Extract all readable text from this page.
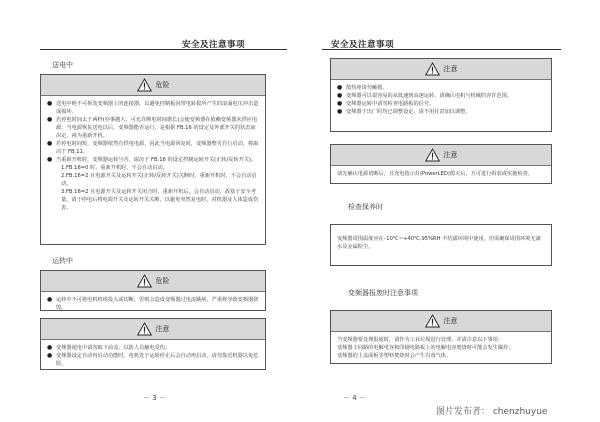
安全及注意事项
送电中
危险
● 送电中绝不可拆装变频器上的连接器，以避免控制板因带电转拔所产生的浪涌电压冲击造成损坏。
● 若停电时间太于两秒(亦事越大，可允许断电时间愈长)会使变频器在依赖变频器未供应电源，当电源恢复送电以后，变频器能否运行，是根据 FB.16 的设定及外部开关的状态而决定，视为重新开机。
● 若停电时间短，变频器依然有供电电源，因此当电源回复时，变频器整否自行启动，将取决于 FB.11。
● 当重新开机时，变频器运转与否，取决于 FB.16 的设定控制运转开关(正转/反转开关)。
1.FB.16=0 时，重新开机时，不会自动启动。
2.FB.16=2 且电源开关及运转开关(正转/反转开关)关断时，重新开机时，不会自动启动。
3.FB.16=2 且电源开关及运转开关闭合时，重新开机后，会自动启动，故基于安全考量，请于停电后将电源开关及运转开关关断，以避免突然复电时，对机器及人体造成伤害。
运转中
危险
● 运转中不可将电机机组投入或切断，否则会造成变频器过电流跳闸，严重将导致变频器烧毁。
注意
● 变频器通电中请勿取下前盖，以防人员触电受伤。
● 变频器设定自动再启动功能时，电机处于运转停止后会自动再启动，请勿靠近机器以免危险。
－ 3 －
安全及注意事项
注意
● 散热座请勿触摸。
● 变频器可以很容易的从低速到高速运转，请确认电机与机械的容许范围。
● 变频器运转中请勿检查电路板的信号。
● 变频器于出厂时均已调整设定，请不用任意加以调整。
注意
请先确认电源切断后，且充电指示灯(PowerLED)熄灭后，方可进行拆装或实施检查。
检查保养时
变频器周围温度应在–10℃~+40℃,95%RH 不结露环境中使用，但需确保周围环境无滴水及金属粉尘。
变频器报废时注意事项
注意
当变频器要处理报废时，请作为工业垃圾进行处理。并请注意以下事项：
变频器主回路的电解电容和印刷电路板上的电解电容焚烧时可能会发生爆炸；
变频器的上盖面板等塑料焚烧时会产生有毒气体。
－ 4 －
图片发布者： chenzhuyue
